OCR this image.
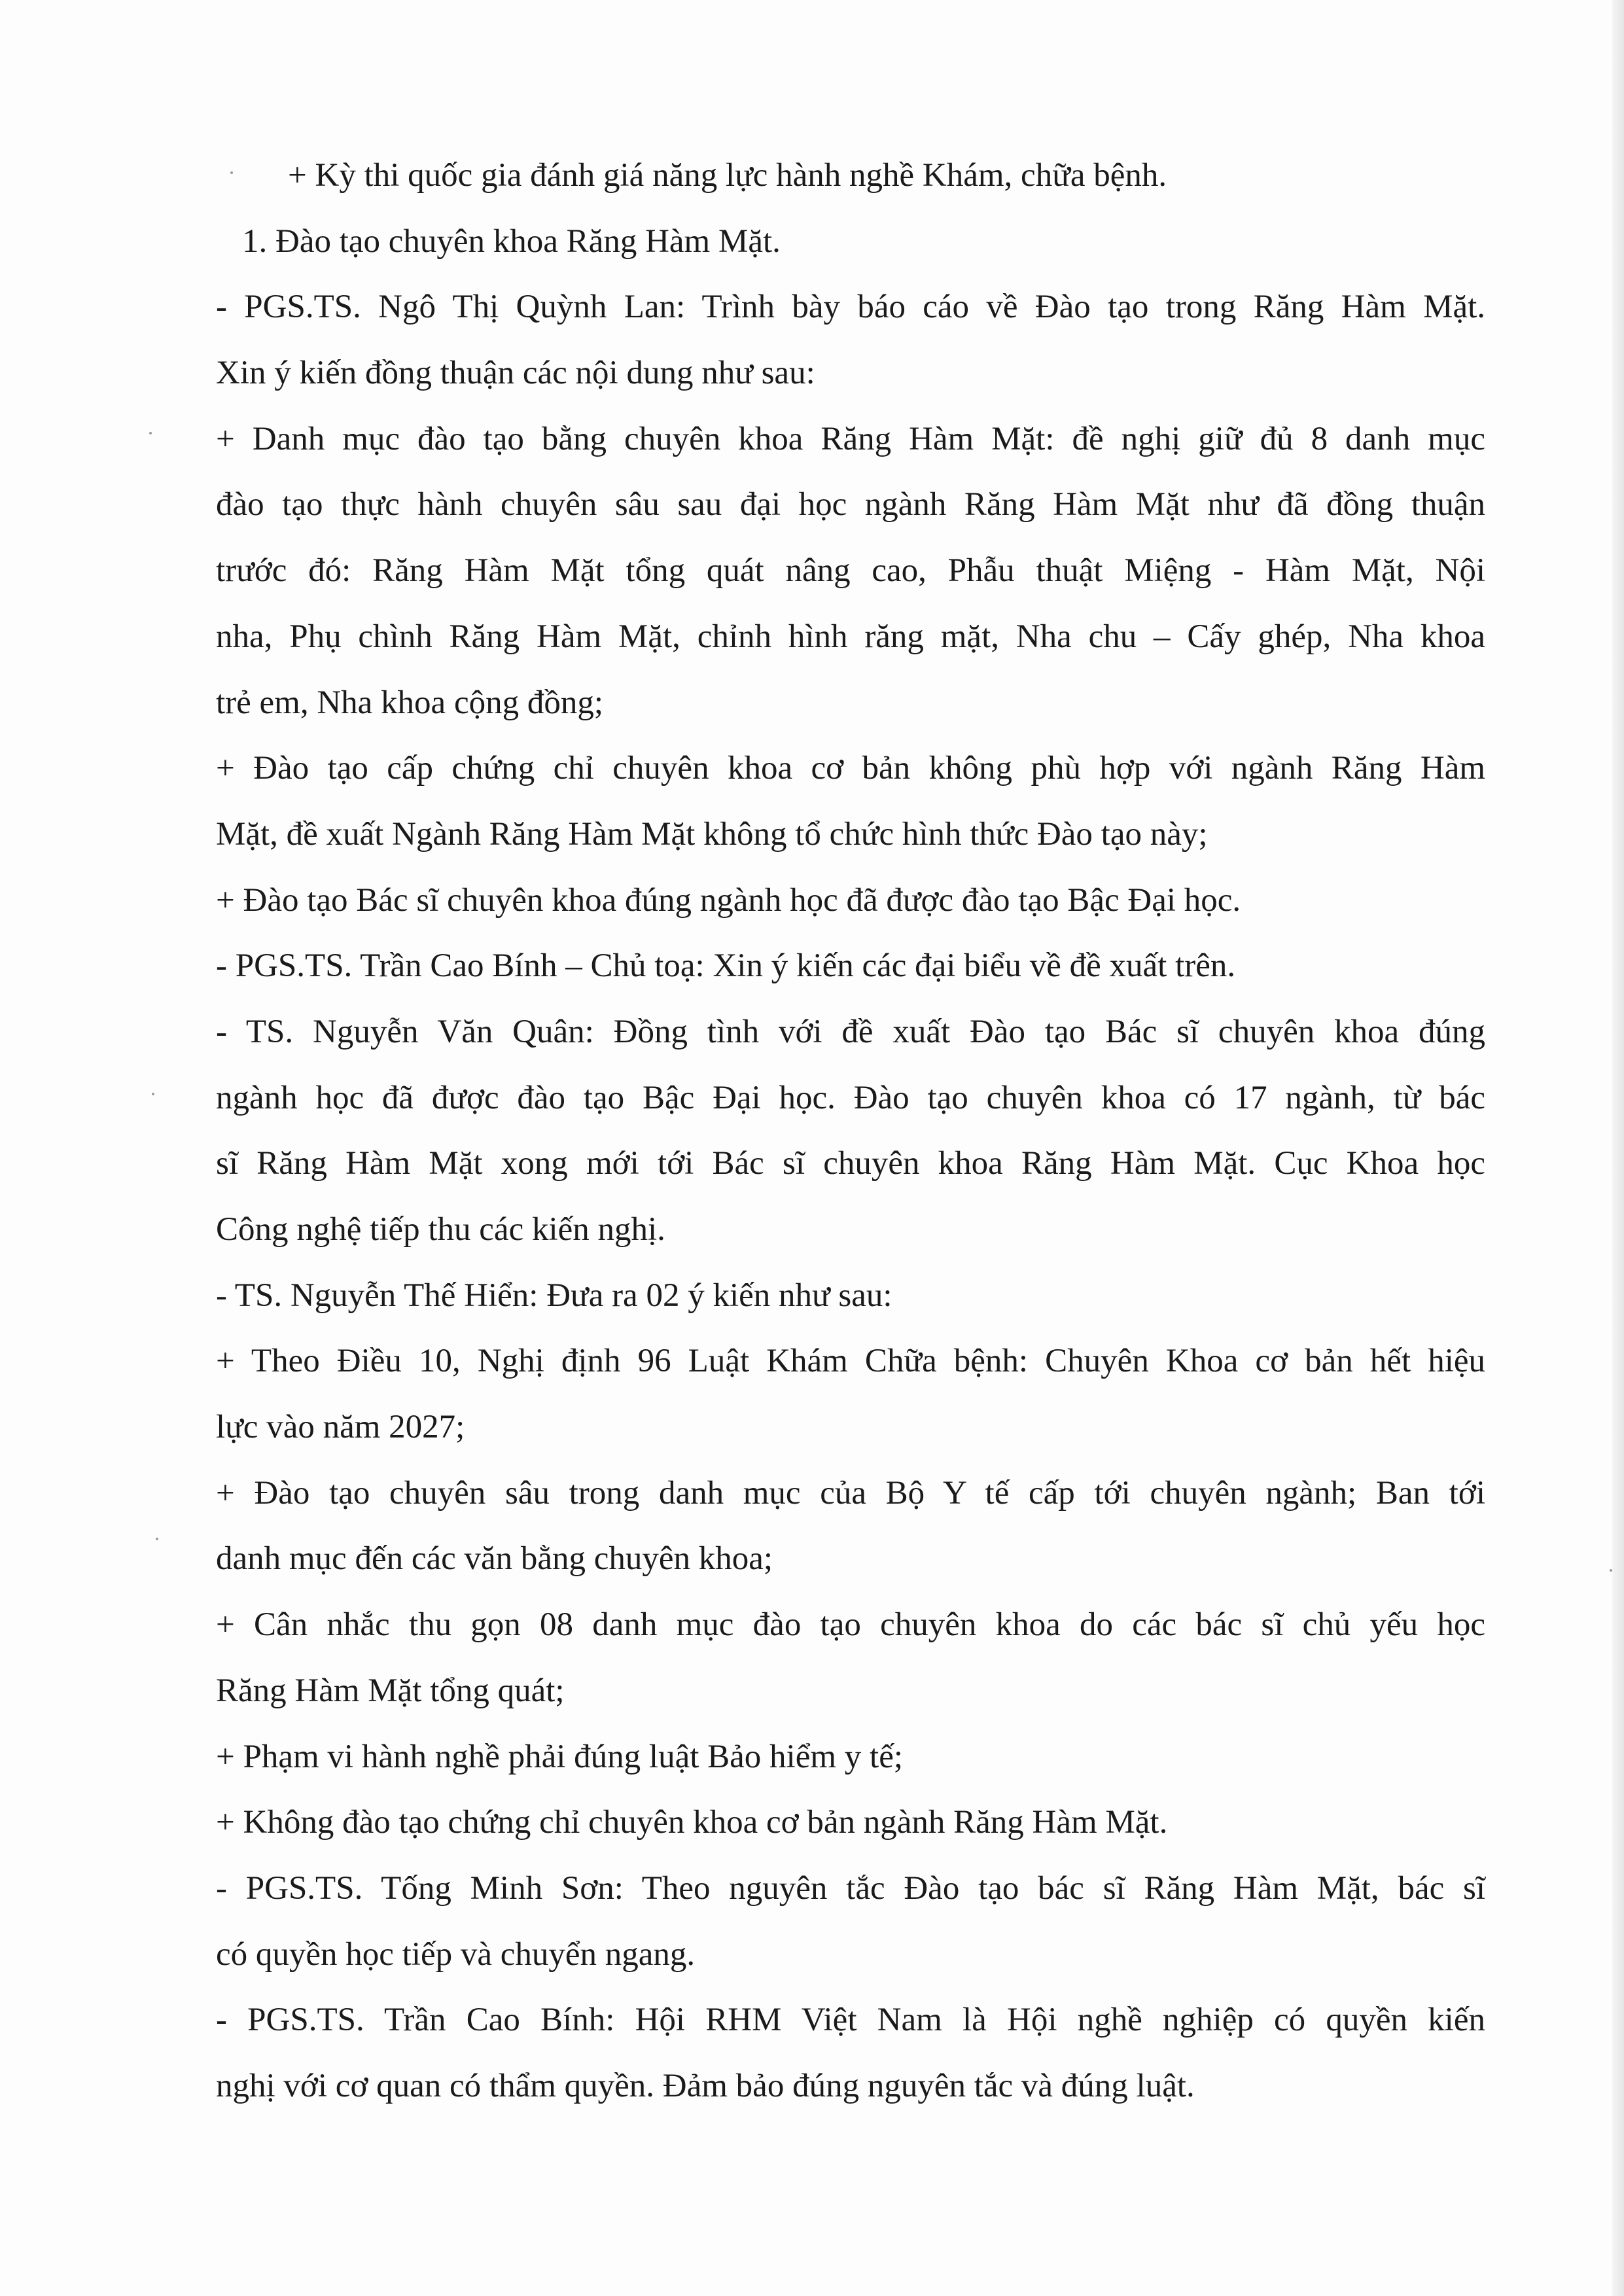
+ Kỳ thi quốc gia đánh giá năng lực hành nghề Khám, chữa bệnh.
1. Đào tạo chuyên khoa Răng Hàm Mặt.
- PGS.TS. Ngô Thị Quỳnh Lan: Trình bày báo cáo về Đào tạo trong Răng Hàm Mặt.
Xin ý kiến đồng thuận các nội dung như sau:
+ Danh mục đào tạo bằng chuyên khoa Răng Hàm Mặt: đề nghị giữ đủ 8 danh mục
đào tạo thực hành chuyên sâu sau đại học ngành Răng Hàm Mặt như đã đồng thuận
trước đó: Răng Hàm Mặt tổng quát nâng cao, Phẫu thuật Miệng - Hàm Mặt, Nội
nha, Phụ chình Răng Hàm Mặt, chỉnh hình răng mặt, Nha chu – Cấy ghép, Nha khoa
trẻ em, Nha khoa cộng đồng;
+ Đào tạo cấp chứng chỉ chuyên khoa cơ bản không phù hợp với ngành Răng Hàm
Mặt, đề xuất Ngành Răng Hàm Mặt không tổ chức hình thức Đào tạo này;
+ Đào tạo Bác sĩ chuyên khoa đúng ngành học đã được đào tạo Bậc Đại học.
- PGS.TS. Trần Cao Bính – Chủ toạ: Xin ý kiến các đại biểu về đề xuất trên.
- TS. Nguyễn Văn Quân: Đồng tình với đề xuất Đào tạo Bác sĩ chuyên khoa đúng
ngành học đã được đào tạo Bậc Đại học. Đào tạo chuyên khoa có 17 ngành, từ bác
sĩ Răng Hàm Mặt xong mới tới Bác sĩ chuyên khoa Răng Hàm Mặt. Cục Khoa học
Công nghệ tiếp thu các kiến nghị.
- TS. Nguyễn Thế Hiển: Đưa ra 02 ý kiến như sau:
+ Theo Điều 10, Nghị định 96 Luật Khám Chữa bệnh: Chuyên Khoa cơ bản hết hiệu
lực vào năm 2027;
+ Đào tạo chuyên sâu trong danh mục của Bộ Y tế cấp tới chuyên ngành; Ban tới
danh mục đến các văn bằng chuyên khoa;
+ Cân nhắc thu gọn 08 danh mục đào tạo chuyên khoa do các bác sĩ chủ yếu học
Răng Hàm Mặt tổng quát;
+ Phạm vi hành nghề phải đúng luật Bảo hiểm y tế;
+ Không đào tạo chứng chỉ chuyên khoa cơ bản ngành Răng Hàm Mặt.
- PGS.TS. Tống Minh Sơn: Theo nguyên tắc Đào tạo bác sĩ Răng Hàm Mặt, bác sĩ
có quyền học tiếp và chuyển ngang.
- PGS.TS. Trần Cao Bính: Hội RHM Việt Nam là Hội nghề nghiệp có quyền kiến
nghị với cơ quan có thẩm quyền. Đảm bảo đúng nguyên tắc và đúng luật.
